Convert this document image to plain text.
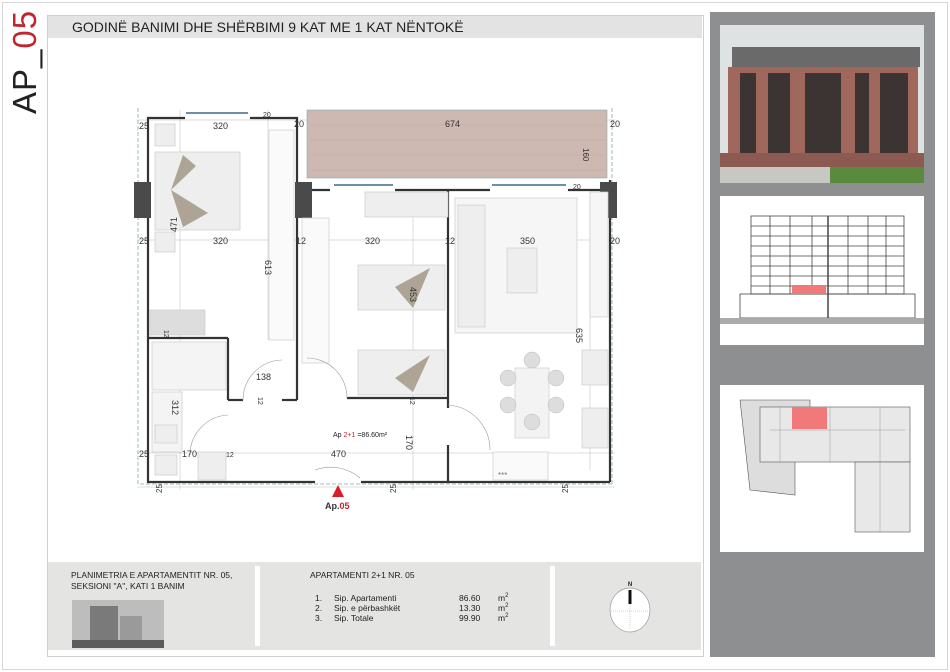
AP_05 GODINË BANIMI DHE SHËRBIMI 9 KAT ME 1 KAT NËNTOKË
25	320
20
20	674
160
20
20
25	320	12	320	12	350	20
471
613
453
635
12
138
12
312	12
25	170	12	470
170
25	25	25
Ap 2+1 =86.60m²
***
Ap.05
PLANIMETRIA E APARTAMENTIT NR. 05,
SEKSIONI "A", KATI 1 BANIM
APARTAMENTI 2+1 NR. 05
1. Sip. Apartamenti	86.60 $m^2$
2. Sip. e përbashkët	13.30 $m^2$
3. Sip. Totale	99.90 $m^2$
N
